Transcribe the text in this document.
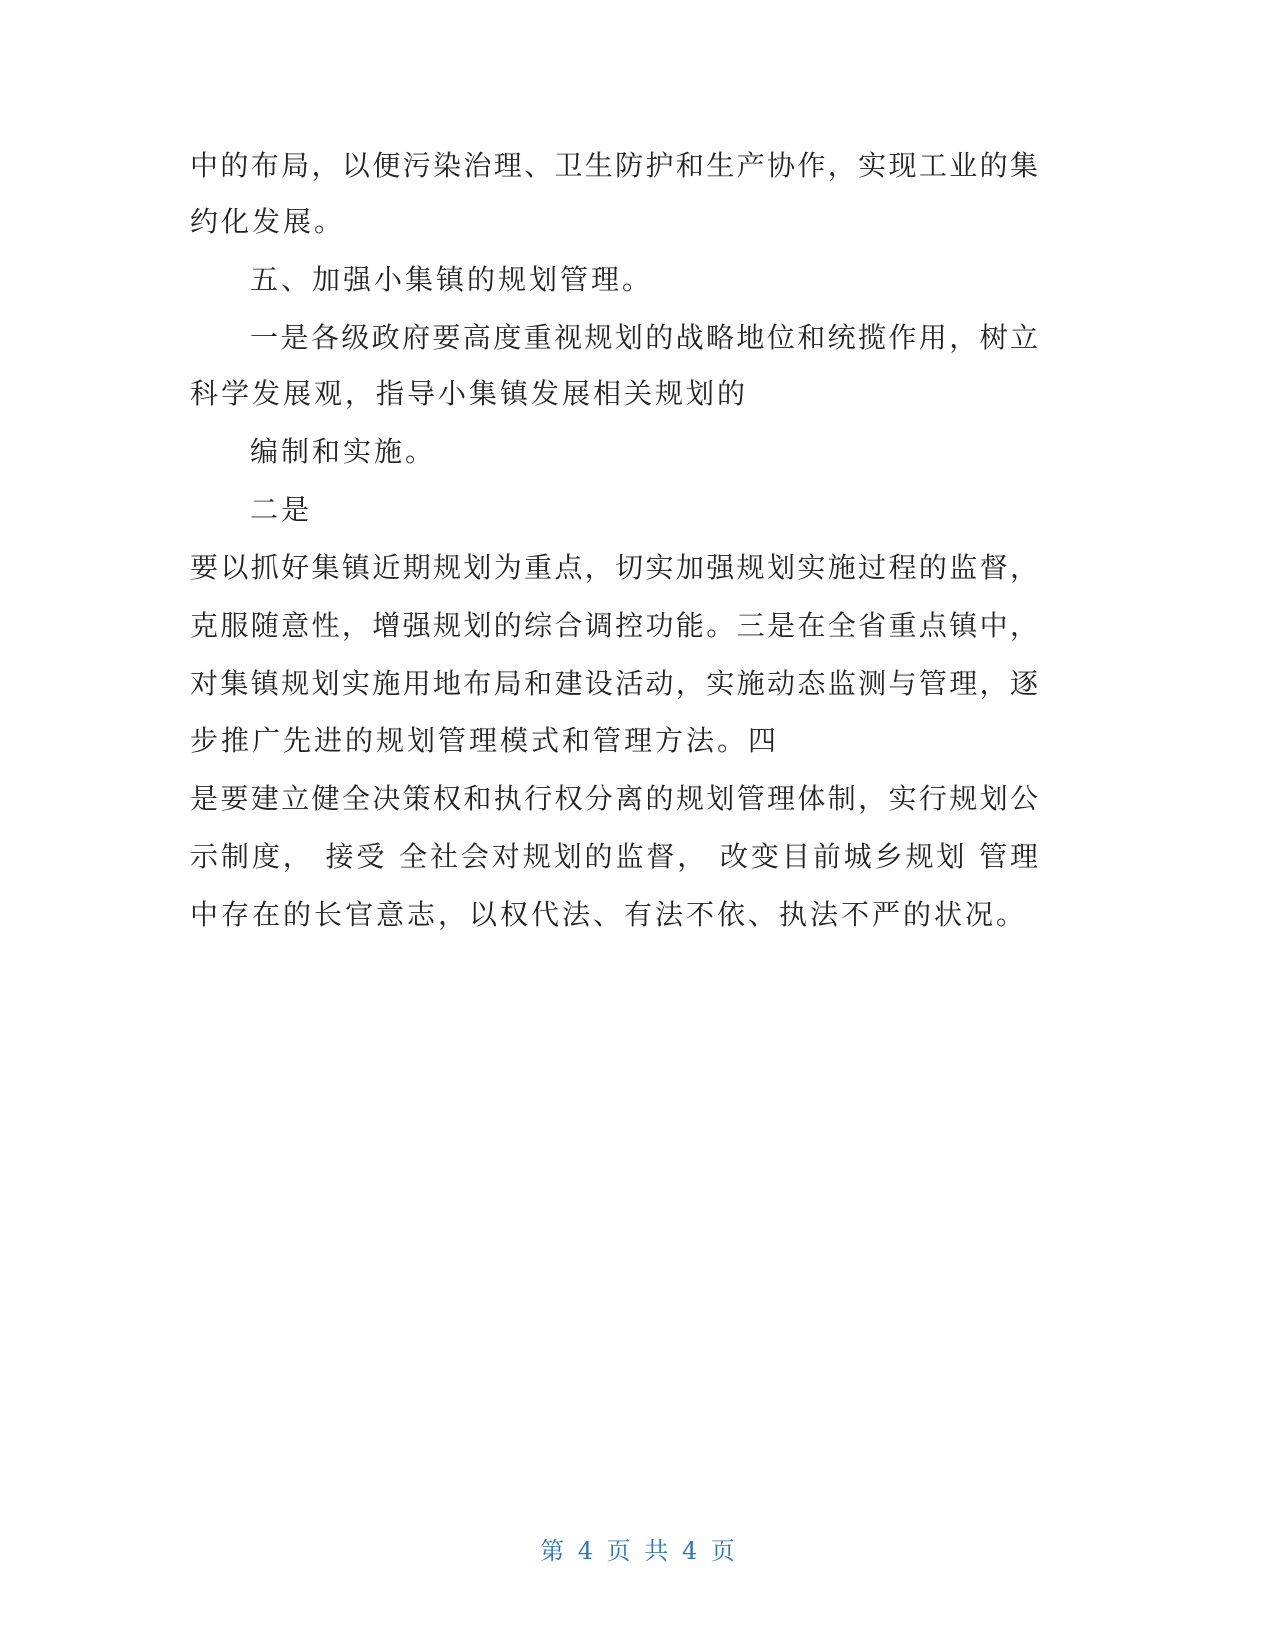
中的布局，以便污染治理、卫生防护和生产协作，实现工业的集
约化发展。
五、加强小集镇的规划管理。
一是各级政府要高度重视规划的战略地位和统揽作用，树立
科学发展观，指导小集镇发展相关规划的
编制和实施。
二是
要以抓好集镇近期规划为重点，切实加强规划实施过程的监督，
克服随意性，增强规划的综合调控功能。三是在全省重点镇中，
对集镇规划实施用地布局和建设活动，实施动态监测与管理，逐
步推广先进的规划管理模式和管理方法。四
是要建立健全决策权和执行权分离的规划管理体制，实行规划公
示制度， 接受 全社会对规划的监督， 改变目前城乡规划 管理
中存在的长官意志，以权代法、有法不依、执法不严的状况。
第 4 页 共 4 页
